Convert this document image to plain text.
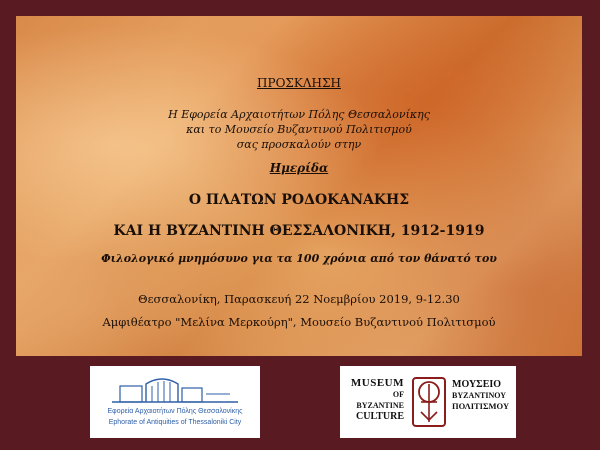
ΠΡΟΣΚΛΗΣΗ
Η Εφορεία Αρχαιοτήτων Πόλης Θεσσαλονίκης
και το Μουσείο Βυζαντινού Πολιτισμού
σας προσκαλούν στην
Ημερίδα
Ο ΠΛΑΤΩΝ ΡΟΔΟΚΑΝΑΚΗΣ
ΚΑΙ Η ΒΥΖΑΝΤΙΝΗ ΘΕΣΣΑΛΟΝΙΚΗ, 1912-1919
Φιλολογικό μνημόσυνο για τα 100 χρόνια από τον θάνατό του
Θεσσαλονίκη, Παρασκευή 22 Νοεμβρίου 2019, 9-12.30
Αμφιθέατρο "Μελίνα Μερκούρη", Μουσείο Βυζαντινού Πολιτισμού
Εφορεία Αρχαιοτήτων Πόλης Θεσσαλονίκης
Ephorate of Antiquities of Thessaloniki City
MUSEUM
OF BYZANTINE
CULTURE
ΜΟΥΣΕΙΟ
ΒΥΖΑΝΤΙΝΟΥ
ΠΟΛΙΤΙΣΜΟΥ
